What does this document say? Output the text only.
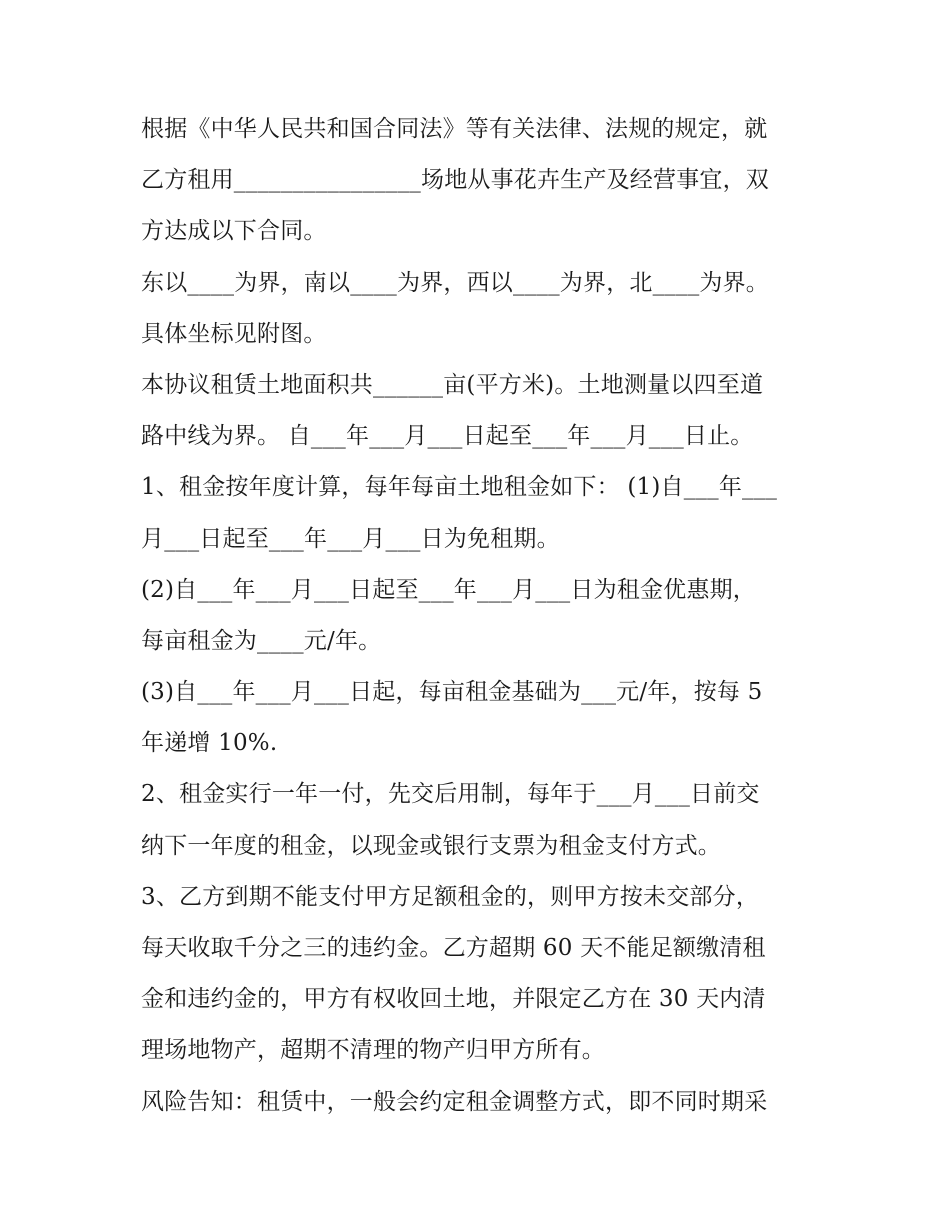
根据《中华人民共和国合同法》等有关法律、法规的规定，就
乙方租用________________场地从事花卉生产及经营事宜，双
方达成以下合同。
东以____为界，南以____为界，西以____为界，北____为界。
具体坐标见附图。
本协议租赁土地面积共______亩(平方米)。土地测量以四至道
路中线为界。 自___年___月___日起至___年___月___日止。
1、租金按年度计算，每年每亩土地租金如下： (1)自___年___
月___日起至___年___月___日为免租期。
(2)自___年___月___日起至___年___月___日为租金优惠期，
每亩租金为____元/年。
(3)自___年___月___日起，每亩租金基础为___元/年，按每 5
年递增 10%.
2、租金实行一年一付，先交后用制，每年于___月___日前交
纳下一年度的租金，以现金或银行支票为租金支付方式。
3、乙方到期不能支付甲方足额租金的，则甲方按未交部分，
每天收取千分之三的违约金。乙方超期 60 天不能足额缴清租
金和违约金的，甲方有权收回土地，并限定乙方在 30 天内清
理场地物产，超期不清理的物产归甲方所有。
风险告知：租赁中，一般会约定租金调整方式，即不同时期采
